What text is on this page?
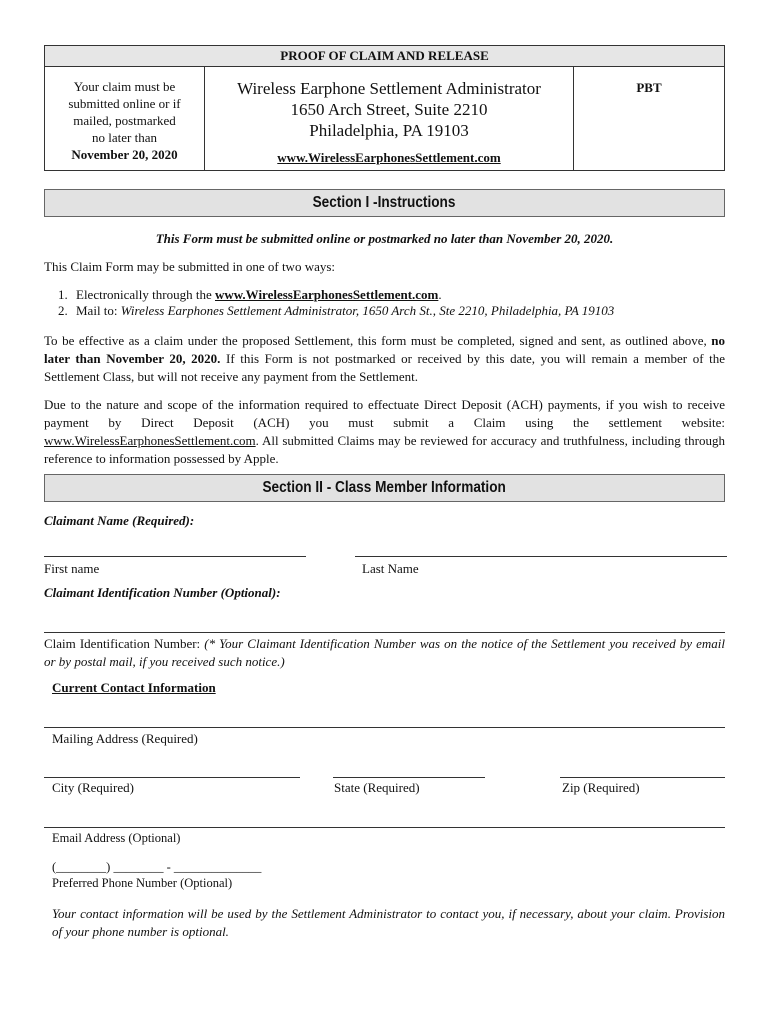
PROOF OF CLAIM AND RELEASE
Your claim must be
submitted online or if
mailed, postmarked
no later than
November 20, 2020
Wireless Earphone Settlement Administrator
1650 Arch Street, Suite 2210
Philadelphia, PA 19103
www.WirelessEarphonesSettlement.com
PBT
Section I -Instructions
This Form must be submitted online or postmarked no later than November 20, 2020.
This Claim Form may be submitted in one of two ways:
1. Electronically through the www.WirelessEarphonesSettlement.com.
2. Mail to: Wireless Earphones Settlement Administrator, 1650 Arch St., Ste 2210, Philadelphia, PA 19103
To be effective as a claim under the proposed Settlement, this form must be completed, signed and sent, as outlined above, no later than November 20, 2020. If this Form is not postmarked or received by this date, you will remain a member of the Settlement Class, but will not receive any payment from the Settlement.
Due to the nature and scope of the information required to effectuate Direct Deposit (ACH) payments, if you wish to receive payment by Direct Deposit (ACH) you must submit a Claim using the settlement website: www.WirelessEarphonesSettlement.com. All submitted Claims may be reviewed for accuracy and truthfulness, including through reference to information possessed by Apple.
Section II - Class Member Information
Claimant Name (Required):
First name	Last Name
Claimant Identification Number (Optional):
Claim Identification Number: (* Your Claimant Identification Number was on the notice of the Settlement you received by email or by postal mail, if you received such notice.)
Current Contact Information
Mailing Address (Required)
City (Required)	State (Required)	Zip (Required)
Email Address (Optional)
(________) ________ - ______________
Preferred Phone Number (Optional)
Your contact information will be used by the Settlement Administrator to contact you, if necessary, about your claim. Provision of your phone number is optional.
